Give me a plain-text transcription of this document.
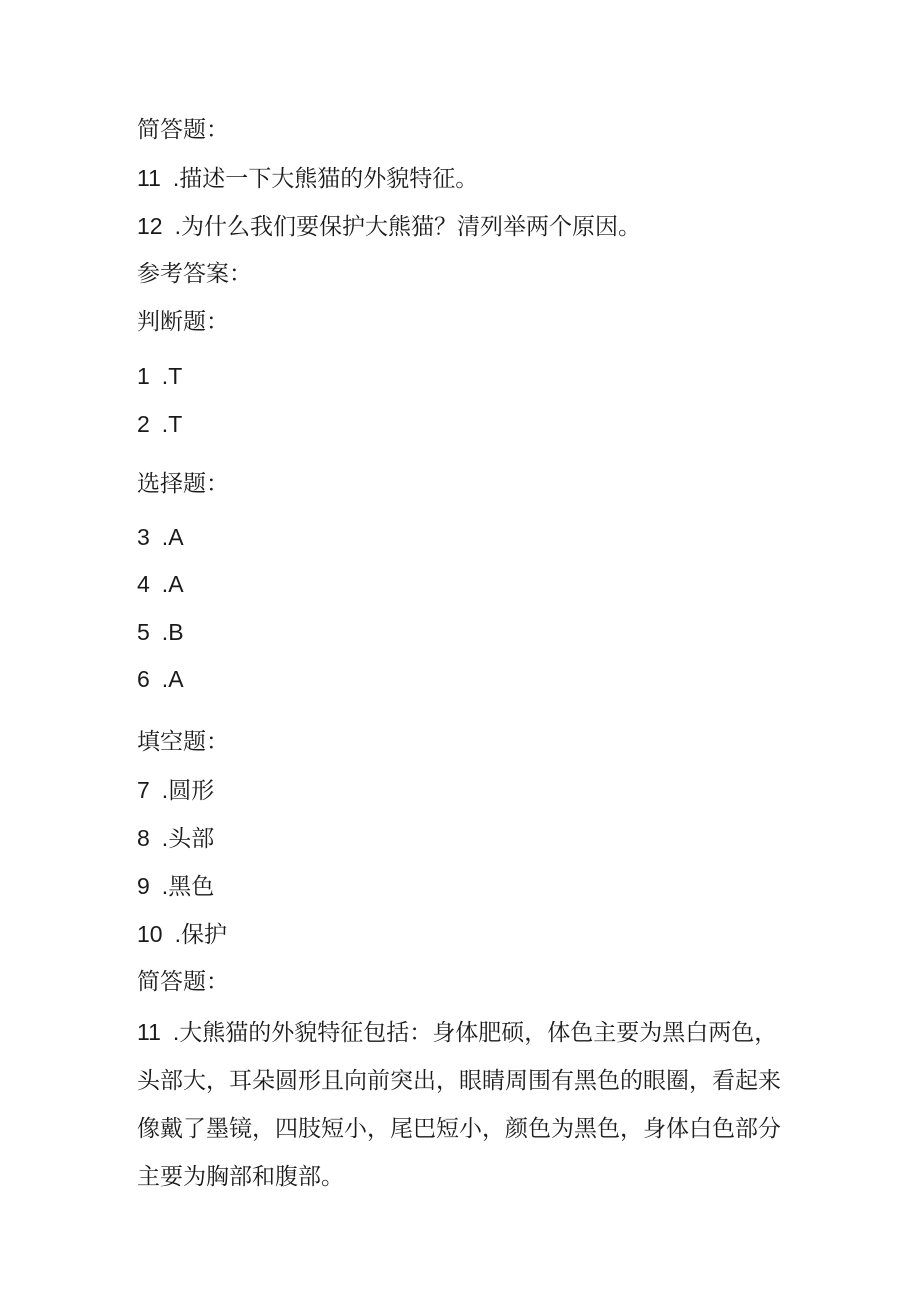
简答题：
11 .描述一下大熊猫的外貌特征。
12 .为什么我们要保护大熊猫？清列举两个原因。
参考答案：
判断题：
1 .T
2 .T
选择题：
3 .A
4 .A
5 .B
6 .A
填空题：
7 .圆形
8 .头部
9 .黑色
10 .保护
简答题：
11 .大熊猫的外貌特征包括：身体肥硕，体色主要为黑白两色，头部大，耳朵圆形且向前突出，眼睛周围有黑色的眼圈，看起来像戴了墨镜，四肢短小，尾巴短小，颜色为黑色，身体白色部分主要为胸部和腹部。
